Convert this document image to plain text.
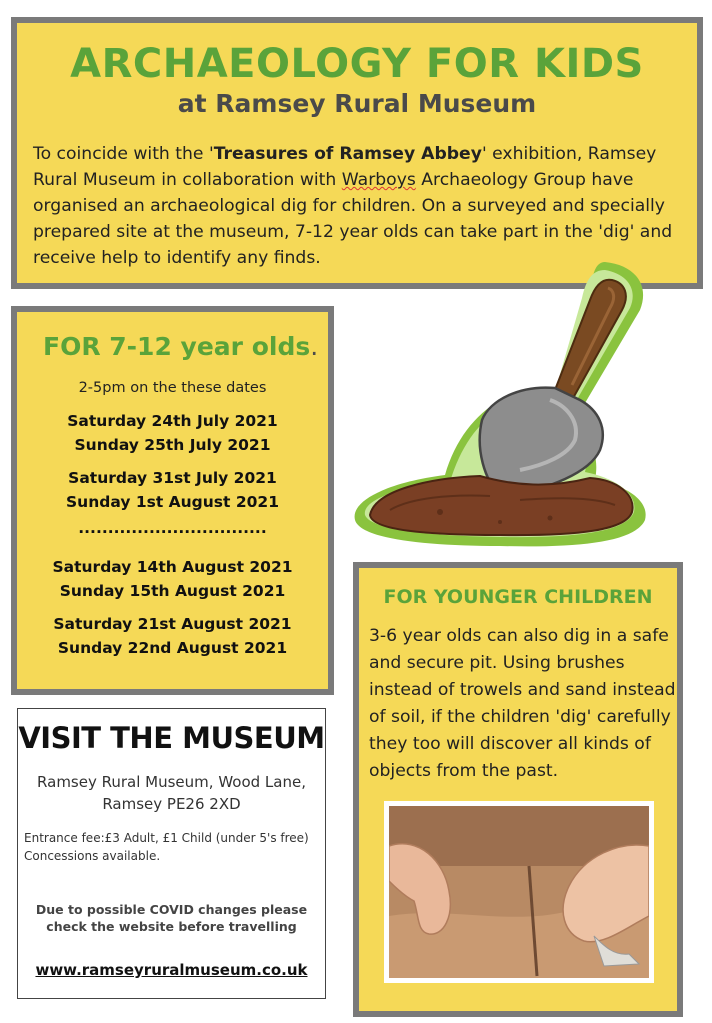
ARCHAEOLOGY FOR KIDS
at Ramsey Rural Museum
To coincide with the 'Treasures of Ramsey Abbey' exhibition, Ramsey Rural Museum in collaboration with Warboys Archaeology Group have organised an archaeological dig for children. On a surveyed and specially prepared site at the museum, 7-12 year olds can take part in the 'dig' and receive help to identify any finds.
FOR 7-12 year olds.
2-5pm on the these dates
Saturday 24th July 2021
Sunday 25th July 2021
Saturday 31st July 2021
Sunday 1st August 2021
................................
Saturday 14th August 2021
Sunday 15th August 2021
Saturday 21st August 2021
Sunday 22nd August 2021
VISIT THE MUSEUM
Ramsey Rural Museum, Wood Lane,
Ramsey PE26 2XD
Entrance fee:£3 Adult, £1 Child (under 5's free)
Concessions available.
Due to possible COVID changes please
check the website before travelling
www.ramseyruralmuseum.co.uk
FOR YOUNGER CHILDREN
3-6 year olds can also dig in a safe and secure pit. Using brushes instead of trowels and sand instead of soil, if the children 'dig' carefully they too will discover all kinds of objects from the past.
